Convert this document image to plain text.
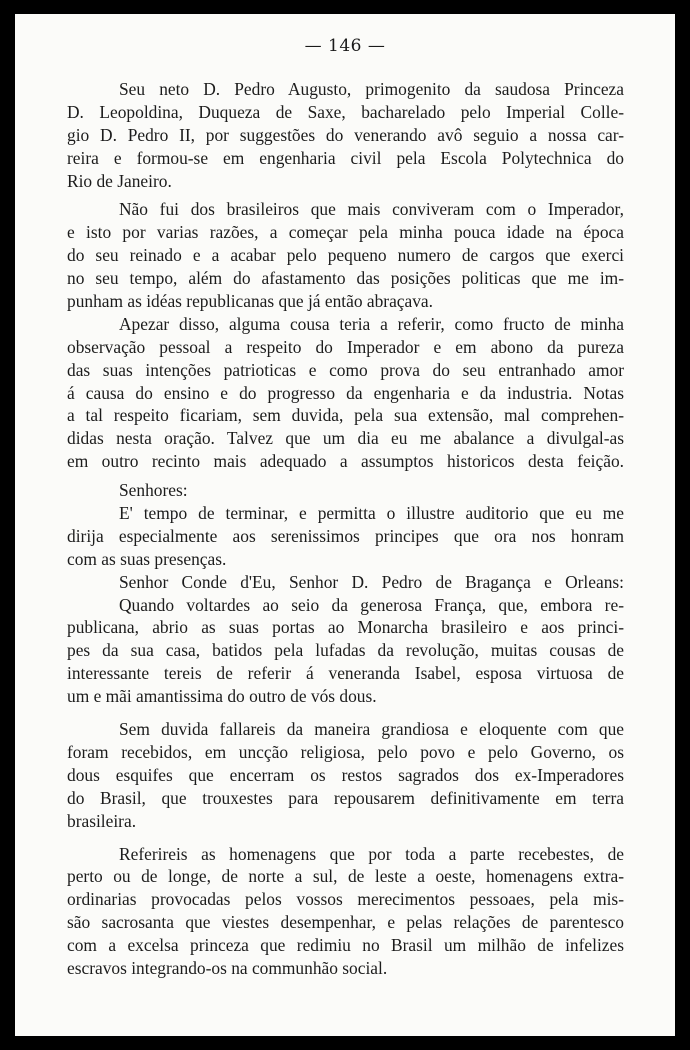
— 146 —
Seu neto D. Pedro Augusto, primogenito da saudosa Princeza
D. Leopoldina, Duqueza de Saxe, bacharelado pelo Imperial Colle-
gio D. Pedro II, por suggestões do venerando avô seguio a nossa car-
reira e formou-se em engenharia civil pela Escola Polytechnica do
Rio de Janeiro.
Não fui dos brasileiros que mais conviveram com o Imperador,
e isto por varias razões, a começar pela minha pouca idade na época
do seu reinado e a acabar pelo pequeno numero de cargos que exerci
no seu tempo, além do afastamento das posições politicas que me im-
punham as idéas republicanas que já então abraçava.
Apezar disso, alguma cousa teria a referir, como fructo de minha
observação pessoal a respeito do Imperador e em abono da pureza
das suas intenções patrioticas e como prova do seu entranhado amor
á causa do ensino e do progresso da engenharia e da industria. Notas
a tal respeito ficariam, sem duvida, pela sua extensão, mal comprehen-
didas nesta oração. Talvez que um dia eu me abalance a divulgal-as
em outro recinto mais adequado a assumptos historicos desta feição.
Senhores:
E' tempo de terminar, e permitta o illustre auditorio que eu me
dirija especialmente aos serenissimos principes que ora nos honram
com as suas presenças.
Senhor Conde d'Eu, Senhor D. Pedro de Bragança e Orleans:
Quando voltardes ao seio da generosa França, que, embora re-
publicana, abrio as suas portas ao Monarcha brasileiro e aos princi-
pes da sua casa, batidos pela lufadas da revolução, muitas cousas de
interessante tereis de referir á veneranda Isabel, esposa virtuosa de
um e mãi amantissima do outro de vós dous.
Sem duvida fallareis da maneira grandiosa e eloquente com que
foram recebidos, em uncção religiosa, pelo povo e pelo Governo, os
dous esquifes que encerram os restos sagrados dos ex-Imperadores
do Brasil, que trouxestes para repousarem definitivamente em terra
brasileira.
Referireis as homenagens que por toda a parte recebestes, de
perto ou de longe, de norte a sul, de leste a oeste, homenagens extra-
ordinarias provocadas pelos vossos merecimentos pessoaes, pela mis-
são sacrosanta que viestes desempenhar, e pelas relações de parentesco
com a excelsa princeza que redimiu no Brasil um milhão de infelizes
escravos integrando-os na communhão social.
